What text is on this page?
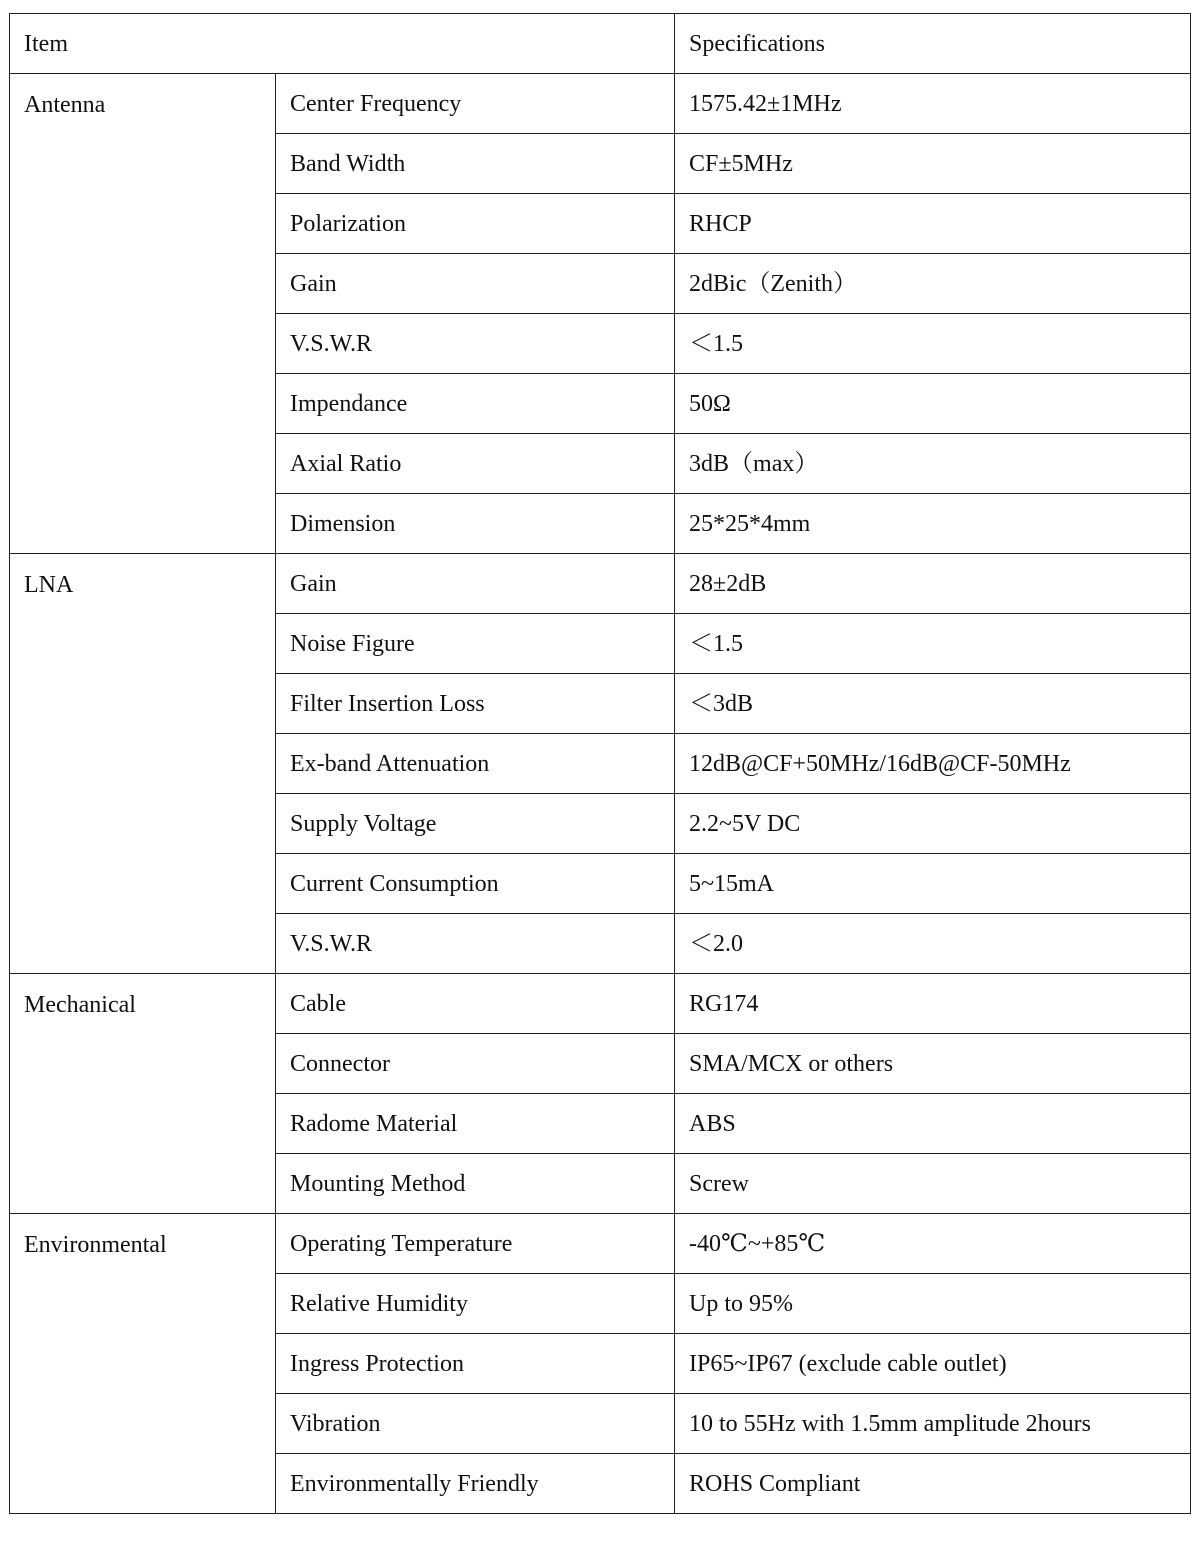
Item		Specifications
Antenna	Center Frequency	1575.42±1MHz
	Band Width	CF±5MHz
	Polarization	RHCP
	Gain	2dBic（Zenith）
	V.S.W.R	＜1.5
	Impendance	50Ω
	Axial Ratio	3dB（max）
	Dimension	25*25*4mm
LNA	Gain	28±2dB
	Noise Figure	＜1.5
	Filter Insertion Loss	＜3dB
	Ex-band Attenuation	12dB@CF+50MHz/16dB@CF-50MHz
	Supply Voltage	2.2~5V DC
	Current Consumption	5~15mA
	V.S.W.R	＜2.0
Mechanical	Cable	RG174
	Connector	SMA/MCX or others
	Radome Material	ABS
	Mounting Method	Screw
Environmental	Operating Temperature	-40℃~+85℃
	Relative Humidity	Up to 95%
	Ingress Protection	IP65~IP67 (exclude cable outlet)
	Vibration	10 to 55Hz with 1.5mm amplitude 2hours
	Environmentally Friendly	ROHS Compliant
